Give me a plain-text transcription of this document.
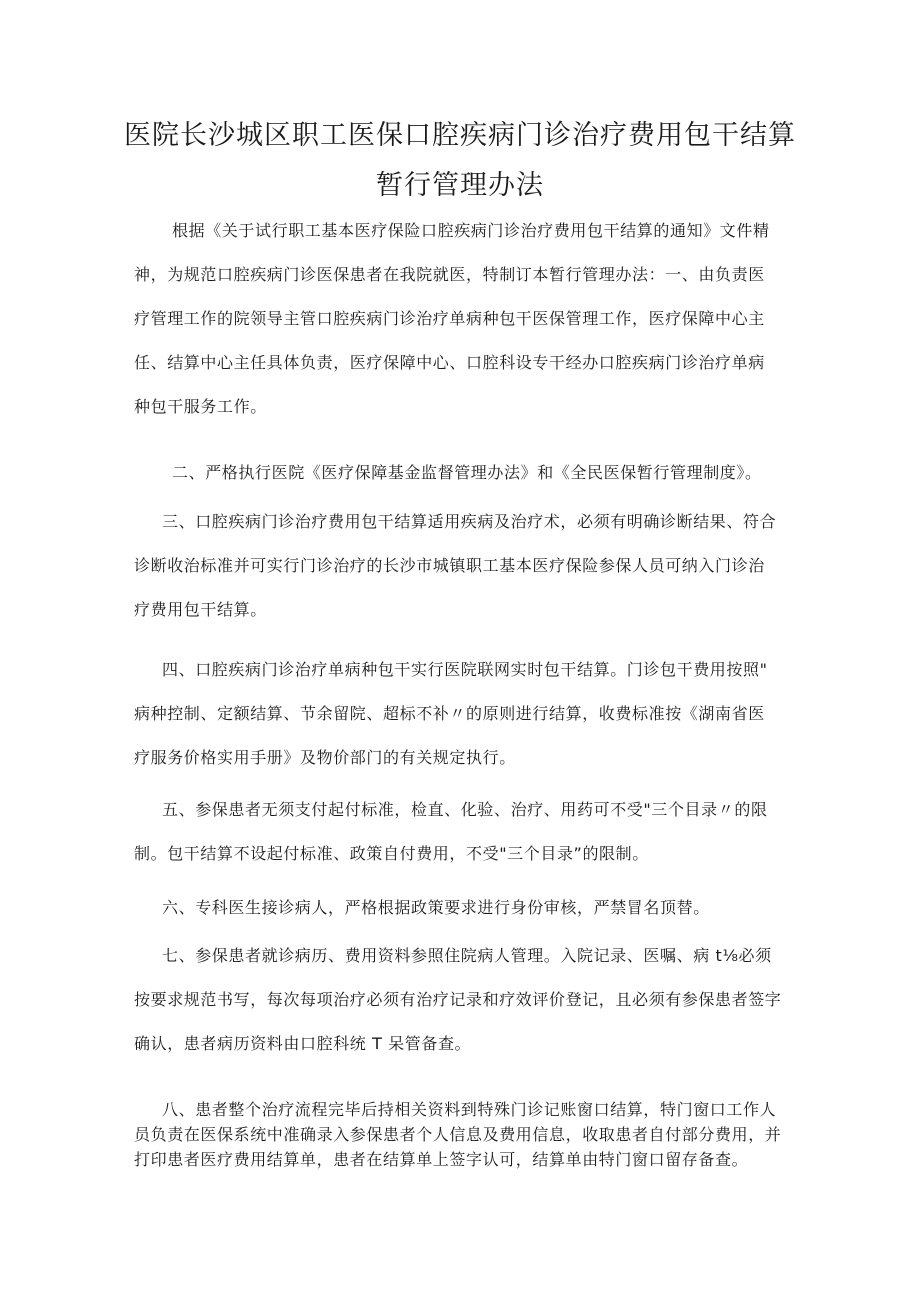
医院长沙城区职工医保口腔疾病门诊治疗费用包干结算
暂行管理办法
根据《关于试行职工基本医疗保险口腔疾病门诊治疗费用包干结算的通知》文件精
神，为规范口腔疾病门诊医保患者在我院就医，特制订本暂行管理办法：一、由负责医
疗管理工作的院领导主管口腔疾病门诊治疗单病种包干医保管理工作，医疗保障中心主
任、结算中心主任具体负责，医疗保障中心、口腔科设专干经办口腔疾病门诊治疗单病
种包干服务工作。
二、严格执行医院《医疗保障基金监督管理办法》和《全民医保暂行管理制度》。
三、口腔疾病门诊治疗费用包干结算适用疾病及治疗术，必须有明确诊断结果、符合
诊断收治标准并可实行门诊治疗的长沙市城镇职工基本医疗保险参保人员可纳入门诊治
疗费用包干结算。
四、口腔疾病门诊治疗单病种包干实行医院联网实时包干结算。门诊包干费用按照"
病种控制、定额结算、节余留院、超标不补〃的原则进行结算，收费标准按《湖南省医
疗服务价格实用手册》及物价部门的有关规定执行。
五、参保患者无须支付起付标准，检直、化验、治疗、用药可不受"三个目录〃的限
制。包干结算不设起付标准、政策自付费用，不受"三个目录”的限制。
六、专科医生接诊病人，严格根据政策要求进行身份审核，严禁冒名顶替。
七、参保患者就诊病历、费用资料参照住院病人管理。入院记录、医嘱、病 t⅛必须
按要求规范书写，每次每项治疗必须有治疗记录和疗效评价登记，且必须有参保患者签字
确认，患者病历资料由口腔科统 T 呆管备查。
八、患者整个治疗流程完毕后持相关资料到特殊门诊记账窗口结算，特门窗口工作人
员负责在医保系统中准确录入参保患者个人信息及费用信息，收取患者自付部分费用，并
打印患者医疗费用结算单，患者在结算单上签字认可，结算单由特门窗口留存备查。
